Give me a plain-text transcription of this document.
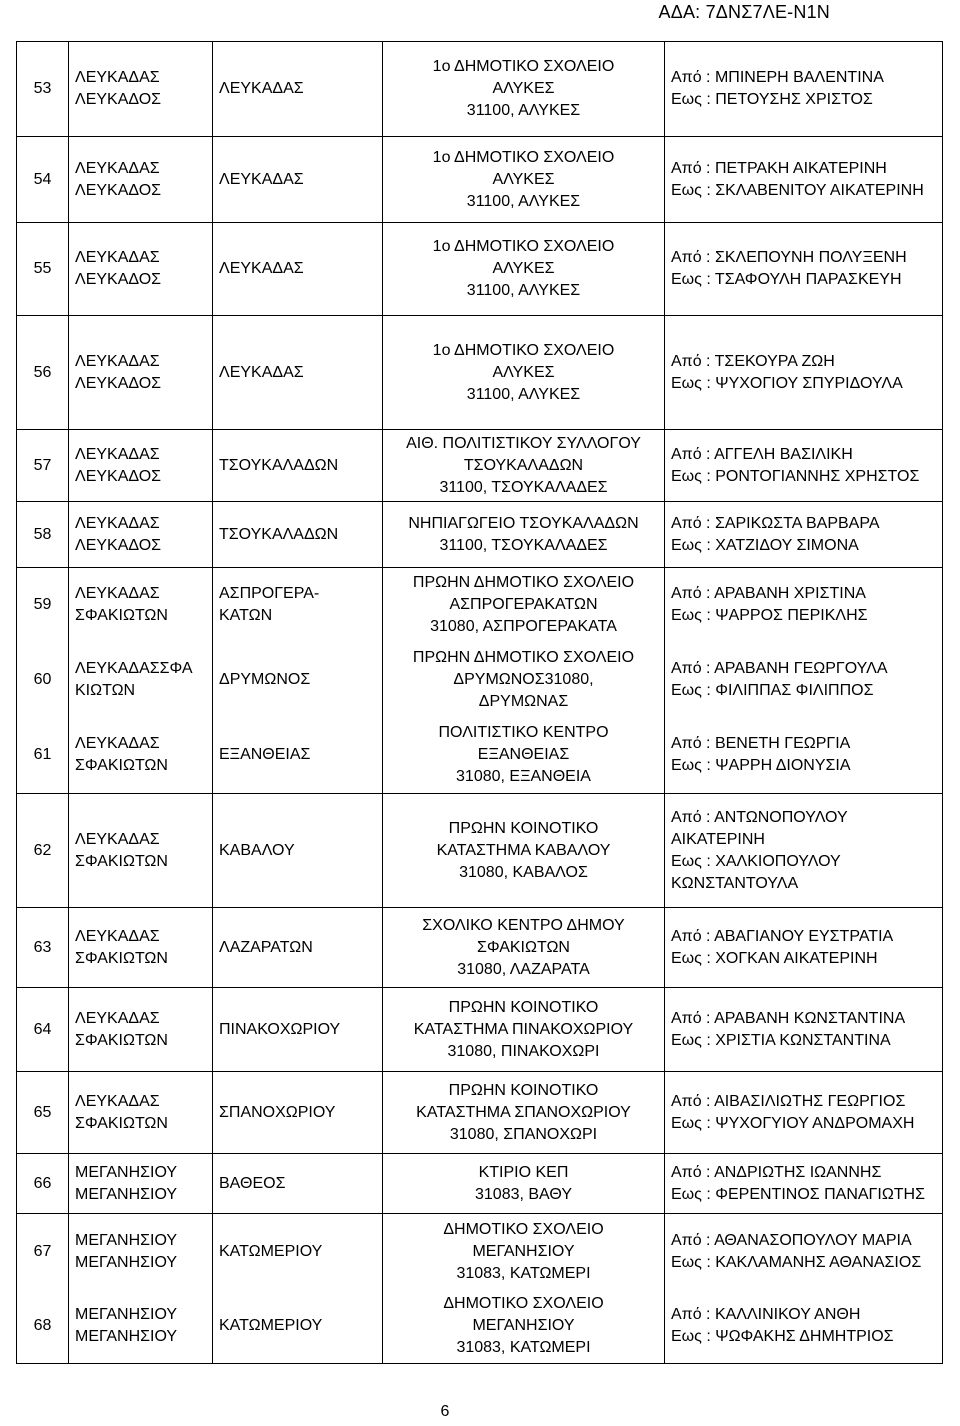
ΑΔΑ: 7ΔΝΣ7ΛΕ-Ν1Ν
53	ΛΕΥΚΑΔΑΣ
ΛΕΥΚΑΔΟΣ	ΛΕΥΚΑΔΑΣ	1ο ΔΗΜΟΤΙΚΟ ΣΧΟΛΕΙΟ
ΑΛΥΚΕΣ
31100, ΑΛΥΚΕΣ	Από : ΜΠΙΝΕΡΗ ΒΑΛΕΝΤΙΝΑ
Εως : ΠΕΤΟΥΣΗΣ ΧΡΙΣΤΟΣ
54	ΛΕΥΚΑΔΑΣ
ΛΕΥΚΑΔΟΣ	ΛΕΥΚΑΔΑΣ	1ο ΔΗΜΟΤΙΚΟ ΣΧΟΛΕΙΟ
ΑΛΥΚΕΣ
31100, ΑΛΥΚΕΣ	Από : ΠΕΤΡΑΚΗ ΑΙΚΑΤΕΡΙΝΗ
Εως : ΣΚΛΑΒΕΝΙΤΟΥ ΑΙΚΑΤΕΡΙΝΗ
55	ΛΕΥΚΑΔΑΣ
ΛΕΥΚΑΔΟΣ	ΛΕΥΚΑΔΑΣ	1ο ΔΗΜΟΤΙΚΟ ΣΧΟΛΕΙΟ
ΑΛΥΚΕΣ
31100, ΑΛΥΚΕΣ	Από : ΣΚΛΕΠΟΥΝΗ ΠΟΛΥΞΕΝΗ
Εως : ΤΣΑΦΟΥΛΗ ΠΑΡΑΣΚΕΥΗ
56	ΛΕΥΚΑΔΑΣ
ΛΕΥΚΑΔΟΣ	ΛΕΥΚΑΔΑΣ	1ο ΔΗΜΟΤΙΚΟ ΣΧΟΛΕΙΟ
ΑΛΥΚΕΣ
31100, ΑΛΥΚΕΣ	Από : ΤΣΕΚΟΥΡΑ ΖΩΗ
Εως : ΨΥΧΟΓΙΟΥ ΣΠΥΡΙΔΟΥΛΑ
57	ΛΕΥΚΑΔΑΣ
ΛΕΥΚΑΔΟΣ	ΤΣΟΥΚΑΛΑΔΩΝ	ΑΙΘ. ΠΟΛΙΤΙΣΤΙΚΟΥ ΣΥΛΛΟΓΟΥ
ΤΣΟΥΚΑΛΑΔΩΝ
31100, ΤΣΟΥΚΑΛΑΔΕΣ	Από : ΑΓΓΕΛΗ ΒΑΣΙΛΙΚΗ
Εως : ΡΟΝΤΟΓΙΑΝΝΗΣ ΧΡΗΣΤΟΣ
58	ΛΕΥΚΑΔΑΣ
ΛΕΥΚΑΔΟΣ	ΤΣΟΥΚΑΛΑΔΩΝ	ΝΗΠΙΑΓΩΓΕΙΟ ΤΣΟΥΚΑΛΑΔΩΝ
31100, ΤΣΟΥΚΑΛΑΔΕΣ	Από : ΣΑΡΙΚΩΣΤΑ ΒΑΡΒΑΡΑ
Εως : ΧΑΤΖΙΔΟΥ ΣΙΜΟΝΑ
59	ΛΕΥΚΑΔΑΣ
ΣΦΑΚΙΩΤΩΝ	ΑΣΠΡΟΓΕΡΑ-
ΚΑΤΩΝ	ΠΡΩΗΝ ΔΗΜΟΤΙΚΟ ΣΧΟΛΕΙΟ
ΑΣΠΡΟΓΕΡΑΚΑΤΩΝ
31080, ΑΣΠΡΟΓΕΡΑΚΑΤΑ	Από : ΑΡΑΒΑΝΗ ΧΡΙΣΤΙΝΑ
Εως : ΨΑΡΡΟΣ ΠΕΡΙΚΛΗΣ
60	ΛΕΥΚΑΔΑΣΣΦΑ
ΚΙΩΤΩΝ	ΔΡΥΜΩΝΟΣ	ΠΡΩΗΝ ΔΗΜΟΤΙΚΟ ΣΧΟΛΕΙΟ
ΔΡΥΜΩΝΟΣ31080,
ΔΡΥΜΩΝΑΣ	Από : ΑΡΑΒΑΝΗ ΓΕΩΡΓΟΥΛΑ
Εως : ΦΙΛΙΠΠΑΣ ΦΙΛΙΠΠΟΣ
61	ΛΕΥΚΑΔΑΣ
ΣΦΑΚΙΩΤΩΝ	ΕΞΑΝΘΕΙΑΣ	ΠΟΛΙΤΙΣΤΙΚΟ ΚΕΝΤΡΟ
ΕΞΑΝΘΕΙΑΣ
31080, ΕΞΑΝΘΕΙΑ	Από : ΒΕΝΕΤΗ ΓΕΩΡΓΙΑ
Εως : ΨΑΡΡΗ ΔΙΟΝΥΣΙΑ
62	ΛΕΥΚΑΔΑΣ
ΣΦΑΚΙΩΤΩΝ	ΚΑΒΑΛΟΥ	ΠΡΩΗΝ ΚΟΙΝΟΤΙΚΟ
ΚΑΤΑΣΤΗΜΑ ΚΑΒΑΛΟΥ
31080, ΚΑΒΑΛΟΣ	Από : ΑΝΤΩΝΟΠΟΥΛΟΥ
ΑΙΚΑΤΕΡΙΝΗ
Εως : ΧΑΛΚΙΟΠΟΥΛΟΥ
ΚΩΝΣΤΑΝΤΟΥΛΑ
63	ΛΕΥΚΑΔΑΣ
ΣΦΑΚΙΩΤΩΝ	ΛΑΖΑΡΑΤΩΝ	ΣΧΟΛΙΚΟ ΚΕΝΤΡΟ ΔΗΜΟΥ
ΣΦΑΚΙΩΤΩΝ
31080, ΛΑΖΑΡΑΤΑ	Από : ΑΒΑΓΙΑΝΟΥ ΕΥΣΤΡΑΤΙΑ
Εως : ΧΟΓΚΑΝ ΑΙΚΑΤΕΡΙΝΗ
64	ΛΕΥΚΑΔΑΣ
ΣΦΑΚΙΩΤΩΝ	ΠΙΝΑΚΟΧΩΡΙΟΥ	ΠΡΩΗΝ ΚΟΙΝΟΤΙΚΟ
ΚΑΤΑΣΤΗΜΑ ΠΙΝΑΚΟΧΩΡΙΟΥ
31080, ΠΙΝΑΚΟΧΩΡΙ	Από : ΑΡΑΒΑΝΗ ΚΩΝΣΤΑΝΤΙΝΑ
Εως : ΧΡΙΣΤΙΑ ΚΩΝΣΤΑΝΤΙΝΑ
65	ΛΕΥΚΑΔΑΣ
ΣΦΑΚΙΩΤΩΝ	ΣΠΑΝΟΧΩΡΙΟΥ	ΠΡΩΗΝ ΚΟΙΝΟΤΙΚΟ
ΚΑΤΑΣΤΗΜΑ ΣΠΑΝΟΧΩΡΙΟΥ
31080, ΣΠΑΝΟΧΩΡΙ	Από : ΑΙΒΑΣΙΛΙΩΤΗΣ ΓΕΩΡΓΙΟΣ
Εως : ΨΥΧΟΓΥΙΟΥ ΑΝΔΡΟΜΑΧΗ
66	ΜΕΓΑΝΗΣΙΟΥ
ΜΕΓΑΝΗΣΙΟΥ	ΒΑΘΕΟΣ	ΚΤΙΡΙΟ ΚΕΠ
31083, ΒΑΘΥ	Από : ΑΝΔΡΙΩΤΗΣ ΙΩΑΝΝΗΣ
Εως : ΦΕΡΕΝΤΙΝΟΣ ΠΑΝΑΓΙΩΤΗΣ
67	ΜΕΓΑΝΗΣΙΟΥ
ΜΕΓΑΝΗΣΙΟΥ	ΚΑΤΩΜΕΡΙΟΥ	ΔΗΜΟΤΙΚΟ ΣΧΟΛΕΙΟ
ΜΕΓΑΝΗΣΙΟΥ
31083, ΚΑΤΩΜΕΡΙ	Από : ΑΘΑΝΑΣΟΠΟΥΛΟΥ ΜΑΡΙΑ
Εως : ΚΑΚΛΑΜΑΝΗΣ ΑΘΑΝΑΣΙΟΣ
68	ΜΕΓΑΝΗΣΙΟΥ
ΜΕΓΑΝΗΣΙΟΥ	ΚΑΤΩΜΕΡΙΟΥ	ΔΗΜΟΤΙΚΟ ΣΧΟΛΕΙΟ
ΜΕΓΑΝΗΣΙΟΥ
31083, ΚΑΤΩΜΕΡΙ	Από : ΚΑΛΛΙΝΙΚΟΥ ΑΝΘΗ
Εως : ΨΩΦΑΚΗΣ ΔΗΜΗΤΡΙΟΣ
6
